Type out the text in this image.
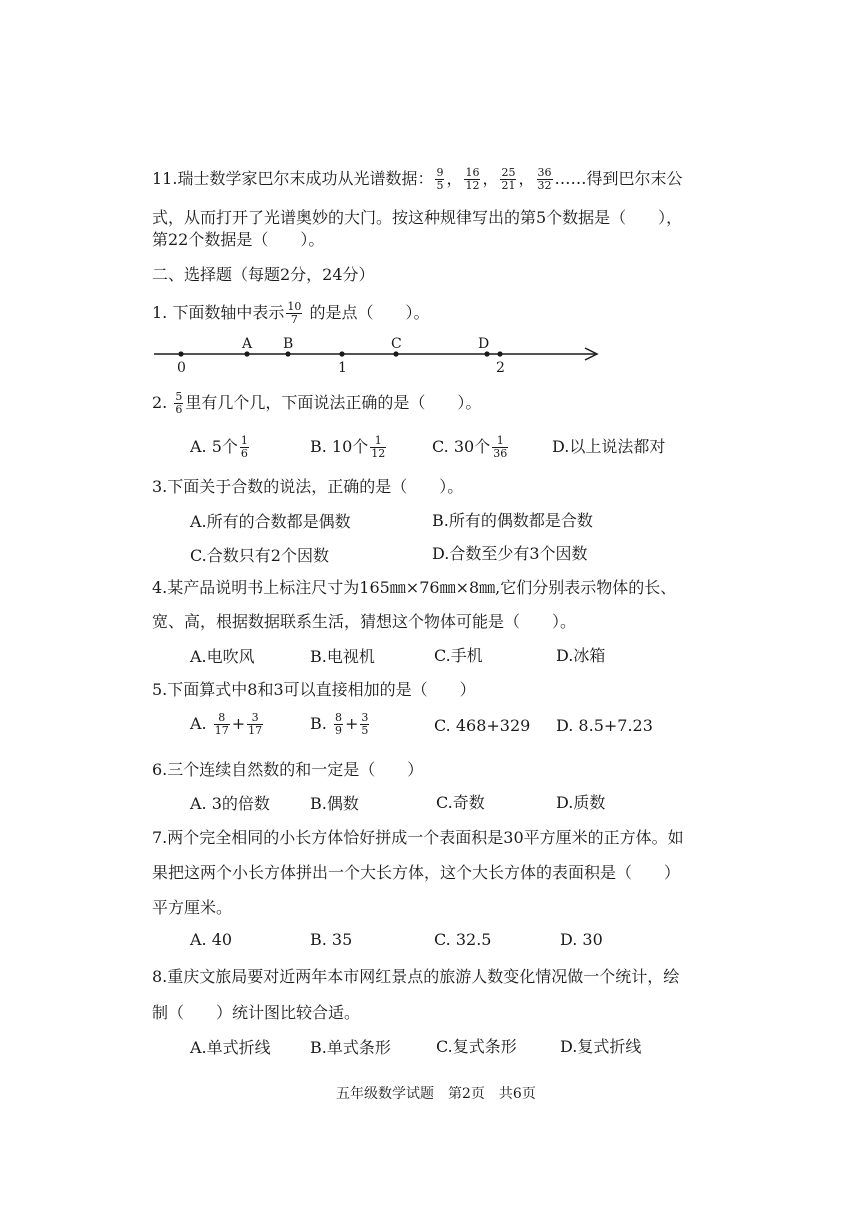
11.瑞士数学家巴尔末成功从光谱数据： $\frac{9}{5}$ ， $\frac{16}{12}$ ， $\frac{25}{21}$ ， $\frac{36}{32}$ ……得到巴尔末公
式，从而打开了光谱奥妙的大门。按这种规律写出的第5个数据是（　　），
第22个数据是（　　）。
二、选择题（每题2分，24分）
1. 下面数轴中表示 $\frac{10}{7}$ 的是点（　　）。
A B	C	D
0	1	2
2. $\frac{5}{6}$ 里有几个几，下面说法正确的是（　　）。
A. 5个 $\frac{1}{6}$	B. 10个 $\frac{1}{12}$	C. 30个 $\frac{1}{36}$	D.以上说法都对
3.下面关于合数的说法，正确的是（　　）。
A.所有的合数都是偶数	B.所有的偶数都是合数
C.合数只有2个因数	D.合数至少有3个因数
4.某产品说明书上标注尺寸为165㎜×76㎜×8㎜,它们分别表示物体的长、
宽、高，根据数据联系生活，猜想这个物体可能是（　　）。
A.电吹风	B.电视机	C.手机	D.冰箱
5.下面算式中8和3可以直接相加的是（　　）
A. $\frac{8}{17} + \frac{3}{17}$	B. $\frac{8}{9} + \frac{3}{5}$	C. 468+329 D. 8.5+7.23
6.三个连续自然数的和一定是（　　）
A. 3的倍数	B.偶数	C.奇数	D.质数
7.两个完全相同的小长方体恰好拼成一个表面积是30平方厘米的正方体。如
果把这两个小长方体拼出一个大长方体，这个大长方体的表面积是（　　）
平方厘米。
A. 40	B. 35	C. 32.5	D. 30
8.重庆文旅局要对近两年本市网红景点的旅游人数变化情况做一个统计，绘
制（　　）统计图比较合适。
A.单式折线 B.单式条形	C.复式条形	D.复式折线
五年级数学试题　第2页　共6页
